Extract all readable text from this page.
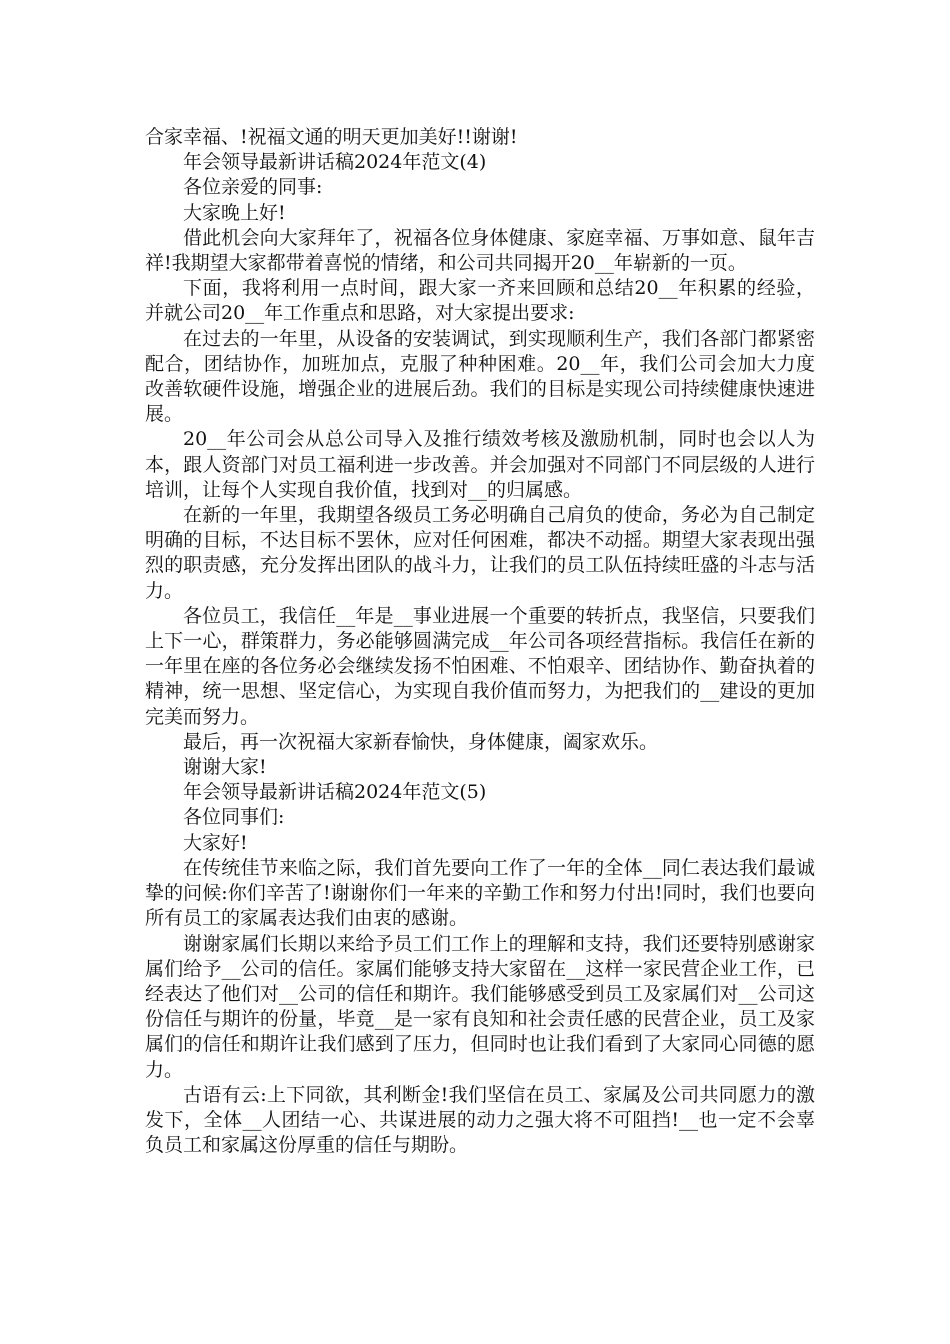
合家幸福、!祝福文通的明天更加美好!!谢谢!

年会领导最新讲话稿2024年范文(4)

各位亲爱的同事:

大家晚上好!

借此机会向大家拜年了，祝福各位身体健康、家庭幸福、万事如意、鼠年吉祥!我期望大家都带着喜悦的情绪，和公司共同揭开20__年崭新的一页。

下面，我将利用一点时间，跟大家一齐来回顾和总结20__年积累的经验，并就公司20__年工作重点和思路，对大家提出要求:

在过去的一年里，从设备的安装调试，到实现顺利生产，我们各部门都紧密配合，团结协作，加班加点，克服了种种困难。20__年，我们公司会加大力度改善软硬件设施，增强企业的进展后劲。我们的目标是实现公司持续健康快速进展。

20__年公司会从总公司导入及推行绩效考核及激励机制，同时也会以人为本，跟人资部门对员工福利进一步改善。并会加强对不同部门不同层级的人进行培训，让每个人实现自我价值，找到对__的归属感。

在新的一年里，我期望各级员工务必明确自己肩负的使命，务必为自己制定明确的目标，不达目标不罢休，应对任何困难，都决不动摇。期望大家表现出强烈的职责感，充分发挥出团队的战斗力，让我们的员工队伍持续旺盛的斗志与活力。

各位员工，我信任__年是__事业进展一个重要的转折点，我坚信，只要我们上下一心，群策群力，务必能够圆满完成__年公司各项经营指标。我信任在新的一年里在座的各位务必会继续发扬不怕困难、不怕艰辛、团结协作、勤奋执着的精神，统一思想、坚定信心，为实现自我价值而努力，为把我们的__建设的更加完美而努力。

最后，再一次祝福大家新春愉快，身体健康，阖家欢乐。

谢谢大家!

年会领导最新讲话稿2024年范文(5)

各位同事们:

大家好!

在传统佳节来临之际，我们首先要向工作了一年的全体__同仁表达我们最诚挚的问候:你们辛苦了!谢谢你们一年来的辛勤工作和努力付出!同时，我们也要向所有员工的家属表达我们由衷的感谢。

谢谢家属们长期以来给予员工们工作上的理解和支持，我们还要特别感谢家属们给予__公司的信任。家属们能够支持大家留在__这样一家民营企业工作，已经表达了他们对__公司的信任和期许。我们能够感受到员工及家属们对__公司这份信任与期许的份量，毕竟__是一家有良知和社会责任感的民营企业，员工及家属们的信任和期许让我们感到了压力，但同时也让我们看到了大家同心同德的愿力。

古语有云:上下同欲，其利断金!我们坚信在员工、家属及公司共同愿力的激发下，全体__人团结一心、共谋进展的动力之强大将不可阻挡!__也一定不会辜负员工和家属这份厚重的信任与期盼。
